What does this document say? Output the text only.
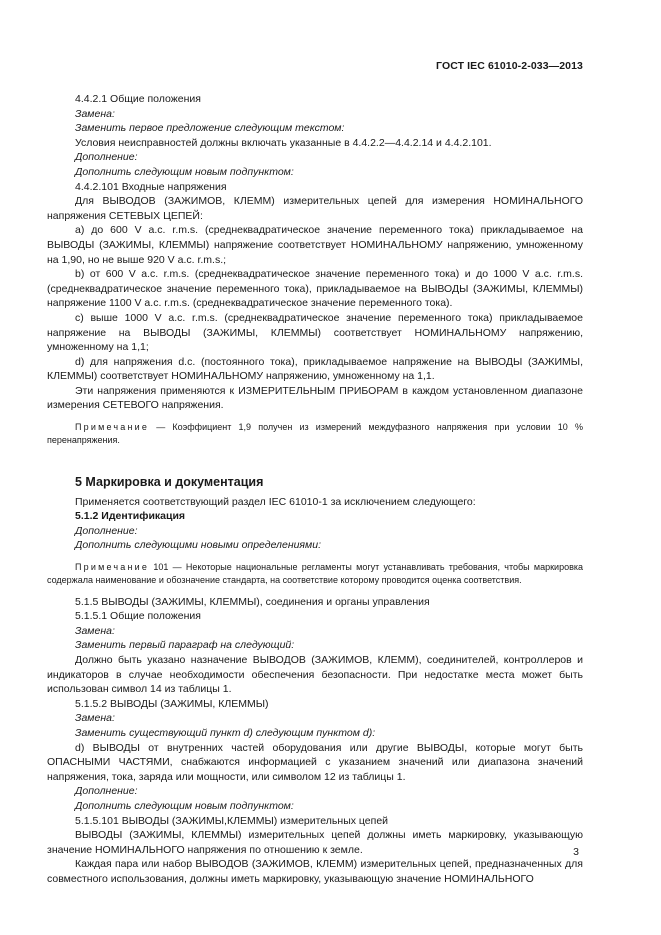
ГОСТ IEC 61010-2-033—2013

4.4.2.1 Общие положения

Замена:

Заменить первое предложение следующим текстом:

Условия неисправностей должны включать указанные в 4.4.2.2—4.4.2.14 и 4.4.2.101.

Дополнение:

Дополнить следующим новым подпунктом:

4.4.2.101 Входные напряжения

Для ВЫВОДОВ (ЗАЖИМОВ, КЛЕММ) измерительных цепей для измерения НОМИНАЛЬНОГО напряжения СЕТЕВЫХ ЦЕПЕЙ:

a) до 600 V a.c. r.m.s. (среднеквадратическое значение переменного тока) прикладываемое на ВЫВОДЫ (ЗАЖИМЫ, КЛЕММЫ) напряжение соответствует НОМИНАЛЬНОМУ напряжению, умноженному на 1,90, но не выше 920 V a.c. r.m.s.;

b) от 600 V a.c. r.m.s. (среднеквадратическое значение переменного тока) и до 1000 V a.c. r.m.s.(среднеквадратическое значение переменного тока), прикладываемое на ВЫВОДЫ (ЗАЖИМЫ, КЛЕММЫ) напряжение 1100 V a.c. r.m.s. (среднеквадратическое значение переменного тока).

c) выше 1000 V a.c. r.m.s. (среднеквадратическое значение переменного тока) прикладываемое напряжение на ВЫВОДЫ (ЗАЖИМЫ, КЛЕММЫ) соответствует НОМИНАЛЬНОМУ напряжению, умноженному на 1,1;

d) для напряжения d.c. (постоянного тока), прикладываемое напряжение на ВЫВОДЫ (ЗАЖИМЫ, КЛЕММЫ) соответствует НОМИНАЛЬНОМУ напряжению, умноженному на 1,1.

Эти напряжения применяются к ИЗМЕРИТЕЛЬНЫМ ПРИБОРАМ в каждом установленном диапазоне измерения СЕТЕВОГО напряжения.

Примечание — Коэффициент 1,9 получен из измерений междуфазного напряжения при условии 10 % перенапряжения.

5 Маркировка и документация

Применяется соответствующий раздел IEC 61010-1 за исключением следующего:

5.1.2 Идентификация

Дополнение:

Дополнить следующими новыми определениями:

Примечание 101 — Некоторые национальные регламенты могут устанавливать требования, чтобы маркировка содержала наименование и обозначение стандарта, на соответствие которому проводится оценка соответствия.

5.1.5 ВЫВОДЫ (ЗАЖИМЫ, КЛЕММЫ), соединения и органы управления

5.1.5.1 Общие положения

Замена:

Заменить первый параграф на следующий:

Должно быть указано назначение ВЫВОДОВ (ЗАЖИМОВ, КЛЕММ), соединителей, контроллеров и индикаторов в случае необходимости обеспечения безопасности. При недостатке места может быть использован символ 14 из таблицы 1.

5.1.5.2 ВЫВОДЫ (ЗАЖИМЫ, КЛЕММЫ)

Замена:

Заменить существующий пункт d) следующим пунктом d):

d) ВЫВОДЫ от внутренних частей оборудования или другие ВЫВОДЫ, которые могут быть ОПАСНЫМИ ЧАСТЯМИ, снабжаются информацией с указанием значений или диапазона значений напряжения, тока, заряда или мощности, или символом 12 из таблицы 1.

Дополнение:

Дополнить следующим новым подпунктом:

5.1.5.101 ВЫВОДЫ (ЗАЖИМЫ,КЛЕММЫ) измерительных цепей

ВЫВОДЫ (ЗАЖИМЫ, КЛЕММЫ) измерительных цепей должны иметь маркировку, указывающую значение НОМИНАЛЬНОГО напряжения по отношению к земле.

Каждая пара или набор ВЫВОДОВ (ЗАЖИМОВ, КЛЕММ) измерительных цепей, предназначенных для совместного использования, должны иметь маркировку, указывающую значение НОМИНАЛЬНОГО

3
